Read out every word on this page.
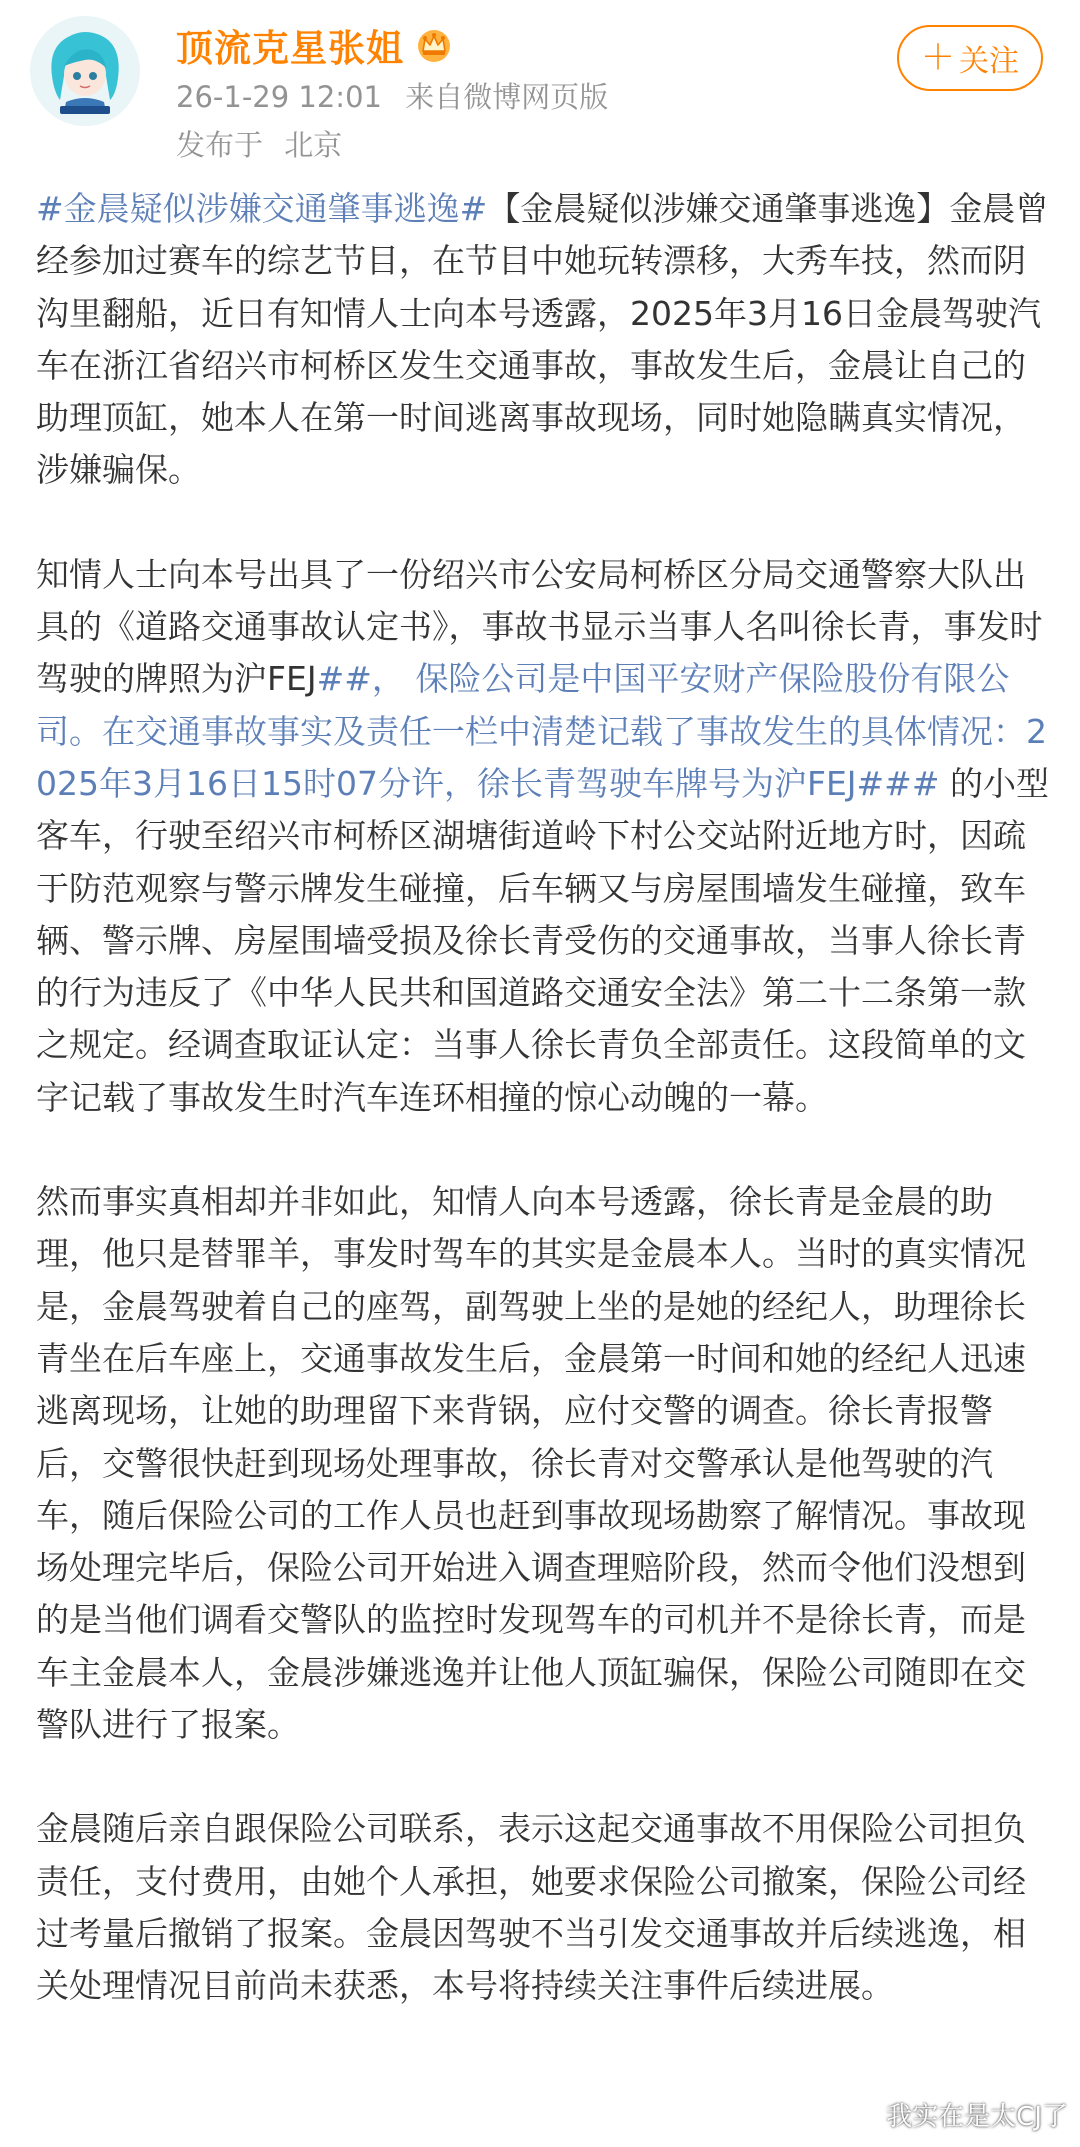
顶流克星张姐
26-1-29 12:01 来自微博网页版
发布于 北京
＋ 关注

#金晨疑似涉嫌交通肇事逃逸#【金晨疑似涉嫌交通肇事逃逸】金晨曾经参加过赛车的综艺节目，在节目中她玩转漂移，大秀车技，然而阴沟里翻船，近日有知情人士向本号透露，2025年3月16日金晨驾驶汽车在浙江省绍兴市柯桥区发生交通事故，事故发生后，金晨让自己的助理顶缸，她本人在第一时间逃离事故现场，同时她隐瞒真实情况，涉嫌骗保。

知情人士向本号出具了一份绍兴市公安局柯桥区分局交通警察大队出具的《道路交通事故认定书》，事故书显示当事人名叫徐长青，事发时驾驶的牌照为沪FEJ##， 保险公司是中国平安财产保险股份有限公司。在交通事故事实及责任一栏中清楚记载了事故发生的具体情况：2025年3月16日15时07分许，徐长青驾驶车牌号为沪FEJ### 的小型客车，行驶至绍兴市柯桥区湖塘街道岭下村公交站附近地方时，因疏于防范观察与警示牌发生碰撞，后车辆又与房屋围墙发生碰撞，致车辆、警示牌、房屋围墙受损及徐长青受伤的交通事故，当事人徐长青的行为违反了《中华人民共和国道路交通安全法》第二十二条第一款之规定。经调查取证认定：当事人徐长青负全部责任。这段简单的文字记载了事故发生时汽车连环相撞的惊心动魄的一幕。

然而事实真相却并非如此，知情人向本号透露，徐长青是金晨的助理，他只是替罪羊，事发时驾车的其实是金晨本人。当时的真实情况是，金晨驾驶着自己的座驾，副驾驶上坐的是她的经纪人，助理徐长青坐在后车座上，交通事故发生后，金晨第一时间和她的经纪人迅速逃离现场，让她的助理留下来背锅，应付交警的调查。徐长青报警后，交警很快赶到现场处理事故，徐长青对交警承认是他驾驶的汽车，随后保险公司的工作人员也赶到事故现场勘察了解情况。事故现场处理完毕后，保险公司开始进入调查理赔阶段，然而令他们没想到的是当他们调看交警队的监控时发现驾车的司机并不是徐长青，而是车主金晨本人，金晨涉嫌逃逸并让他人顶缸骗保，保险公司随即在交警队进行了报案。

金晨随后亲自跟保险公司联系，表示这起交通事故不用保险公司担负责任，支付费用，由她个人承担，她要求保险公司撤案，保险公司经过考量后撤销了报案。金晨因驾驶不当引发交通事故并后续逃逸，相关处理情况目前尚未获悉，本号将持续关注事件后续进展。

我实在是太CJ了
